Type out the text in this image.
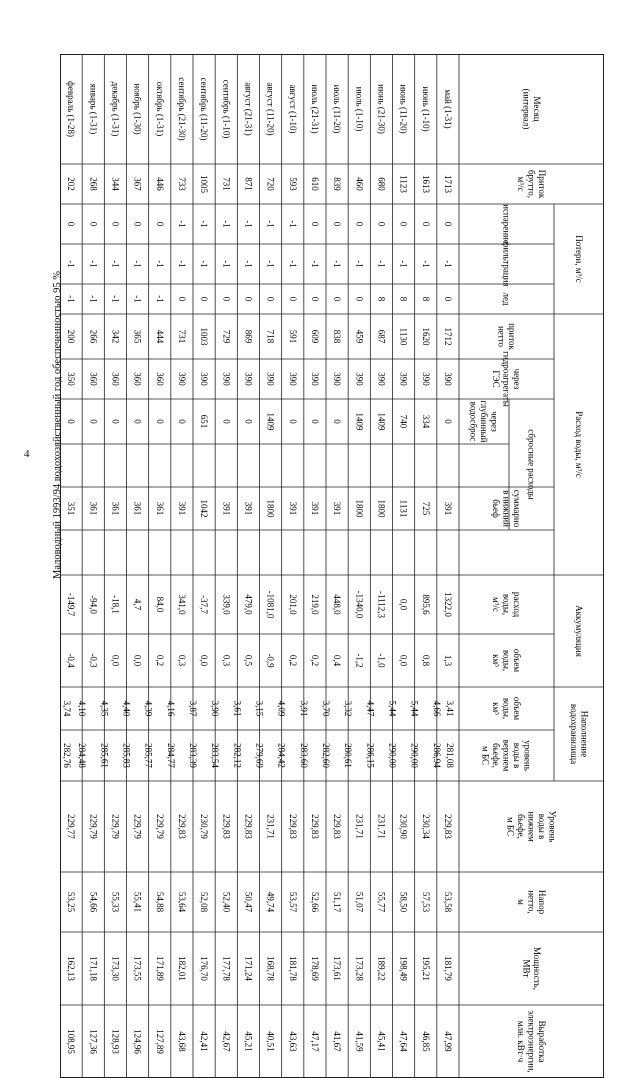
4 Маловодный 1993/94 водохозяйственный год обеспеченностью 95 %
Месяц
(интервал)
Приток
брутто,
м³/с
Потери, м³/с
испарение
фильтрация
лед
Расход воды, м³/с
приток
нетто
через
гидроагрегаты
ГЭС
сбросные расходы
через
глубинный
водосброс
суммарно
в нижний
бьеф
Аккумуляция
расход
воды,
м³/с
объем
воды,
км³
Наполнение
водохранилища
объем
воды,
км³
уровень
воды в
верхнем
бьефе,
м БС
Уровень
воды в
нижнем
бьефе,
м БС
Напор
нетто,
м
3,41
281,08
май (1-31)
1713
0
-1
0
1712
390
0
391
1322,0
1,3
4,66
286,94
229,83
53,58
181,79
47,99
июнь (1-10)
1613
0
-1
8
1620
390
334
725
895,6
0,8
5,44
290,00
230,34
57,53
195,21
46,85
июнь (11-20)
1123
0
-1
8
1130
390
740
1131
0,0
0,0
5,44
290,00
230,90
58,50
198,49
47,64
июнь (21-30)
680
0
-1
8
687
390
1409
1800
-1112,3
-1,0
4,47
286,15
231,71
55,77
189,22
45,41
июль (1-10)
460
0
-1
0
459
390
1409
1800
-1340,0
-1,2
3,32
280,61
231,71
51,07
173,28
41,59
июль (11-20)
839
0
-1
0
838
390
0
391
448,0
0,4
3,70
282,60
229,83
51,17
173,61
41,67
июль (21-31)
610
0
-1
0
609
390
0
391
219,0
0,2
3,91
283,60
229,83
52,66
178,69
47,17
август (1-10)
593
-1
-1
0
591
390
0
391
201,0
0,2
4,09
284,42
229,83
53,57
181,78
43,63
август (11-20)
720
-1
-1
0
718
390
1409
1800
-1081,0
-0,9
3,15
279,69
231,71
49,74
168,78
40,51
август (21-31)
871
-1
-1
0
869
390
0
391
479,0
0,5
3,61
282,12
229,83
50,47
171,24
45,21
сентябрь (1-10)
731
-1
-1
0
729
390
0
391
339,0
0,3
3,90
283,54
229,83
52,40
177,78
42,67
сентябрь (11-20)
1005
-1
-1
0
1003
390
651
1042
-37,7
0,0
3,87
283,39
230,79
52,08
176,70
42,41
сентябрь (21-30)
733
-1
-1
0
731
390
0
391
341,0
0,3
4,16
284,77
229,83
53,64
182,01
43,68
октябрь (1-31)
446
0
-1
-1
444
360
0
361
84,0
0,2
4,39
285,77
229,79
54,88
171,89
127,89
ноябрь (1-30)
367
0
-1
-1
365
360
0
361
4,7
0,0
4,40
285,83
229,79
55,41
173,55
124,96
декабрь (1-31)
344
0
-1
-1
342
360
0
361
-18,1
0,0
4,35
285,61
229,79
55,33
173,30
128,93
январь (1-31)
268
0
-1
-1
266
360
0
361
-94,0
-0,3
4,10
284,48
229,79
54,66
171,18
127,36
февраль (1-28)
202
0
-1
-1
200
350
0
351
-149,7
-0,4
3,74
282,76
229,77
53,25
162,13
108,95
Мощность,
МВт
Выработка
электроэнергии,
млн. кВт·ч
